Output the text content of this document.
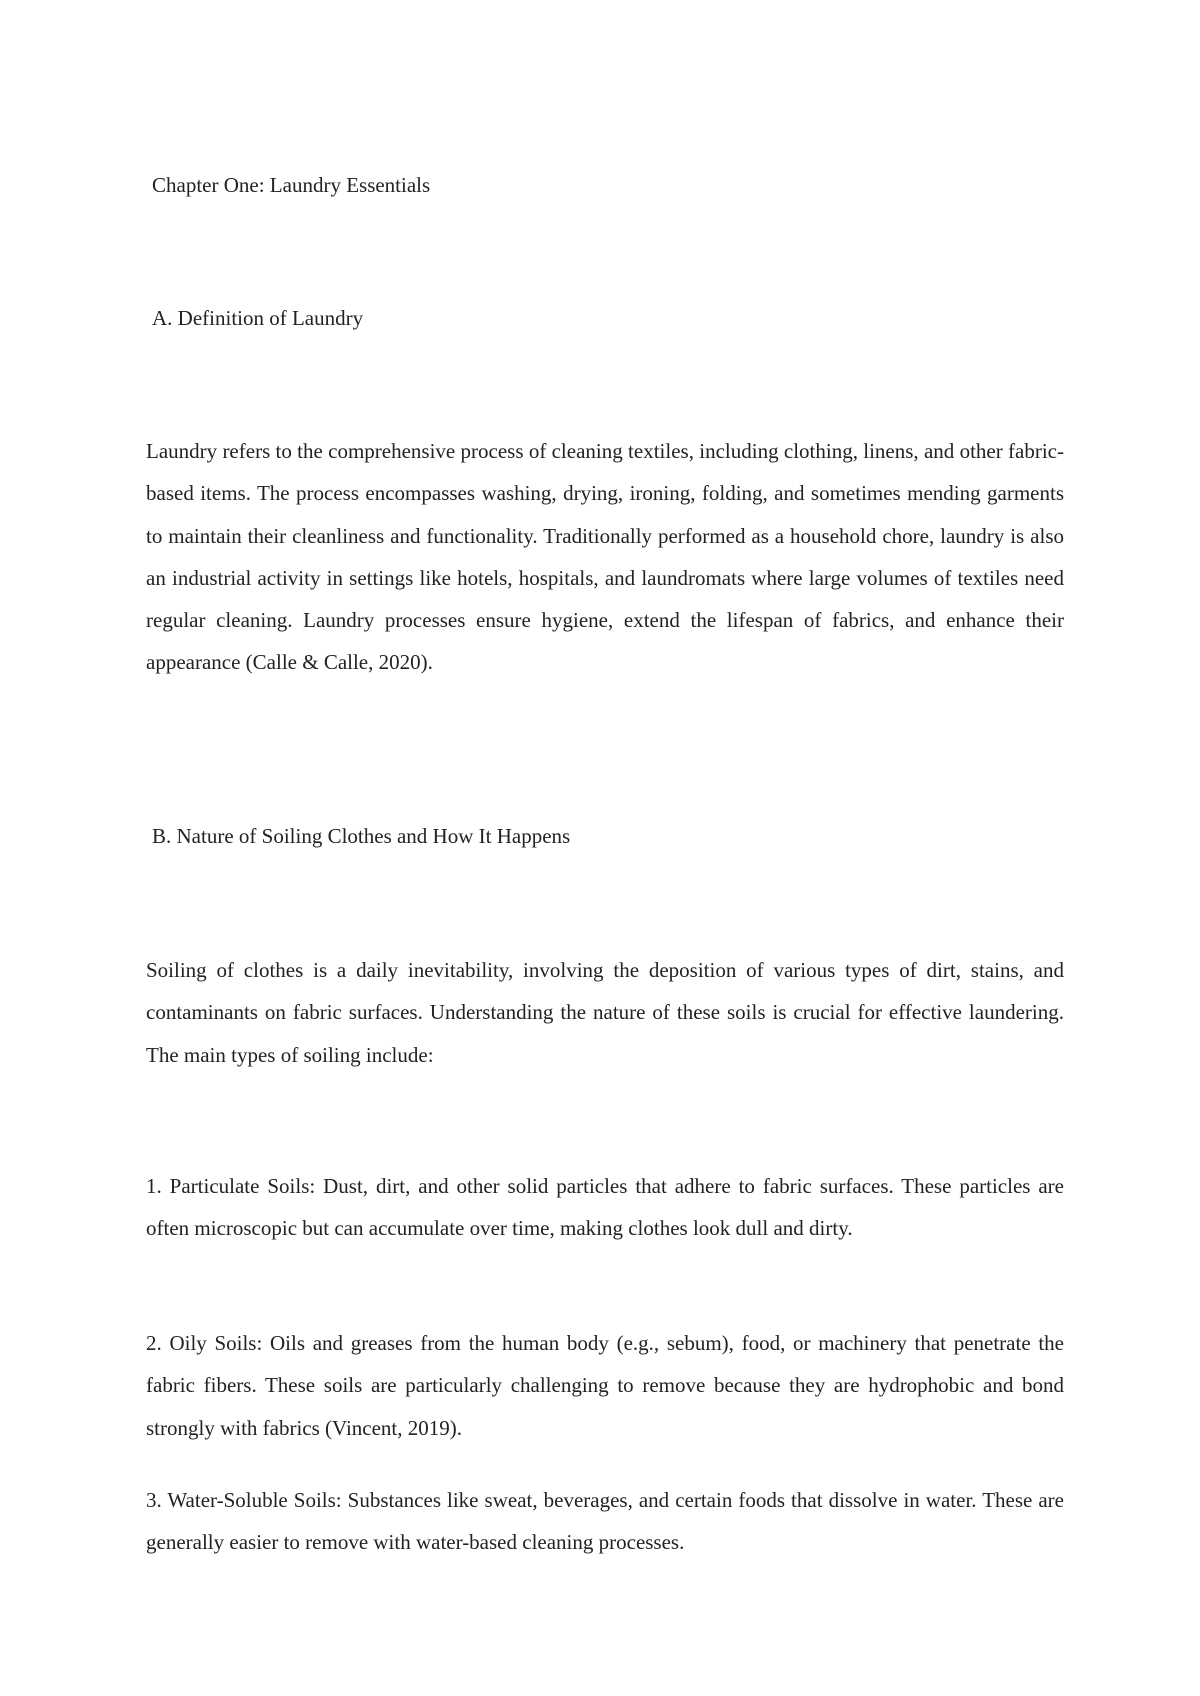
Chapter One: Laundry Essentials
A. Definition of Laundry

Laundry refers to the comprehensive process of cleaning textiles, including clothing, linens, and other fabric-based items. The process encompasses washing, drying, ironing, folding, and sometimes mending garments to maintain their cleanliness and functionality. Traditionally performed as a household chore, laundry is also an industrial activity in settings like hotels, hospitals, and laundromats where large volumes of textiles need regular cleaning. Laundry processes ensure hygiene, extend the lifespan of fabrics, and enhance their appearance (Calle & Calle, 2020).

B. Nature of Soiling Clothes and How It Happens

Soiling of clothes is a daily inevitability, involving the deposition of various types of dirt, stains, and contaminants on fabric surfaces. Understanding the nature of these soils is crucial for effective laundering. The main types of soiling include:

1. Particulate Soils: Dust, dirt, and other solid particles that adhere to fabric surfaces. These particles are often microscopic but can accumulate over time, making clothes look dull and dirty.

2. Oily Soils: Oils and greases from the human body (e.g., sebum), food, or machinery that penetrate the fabric fibers. These soils are particularly challenging to remove because they are hydrophobic and bond strongly with fabrics (Vincent, 2019).

3. Water-Soluble Soils: Substances like sweat, beverages, and certain foods that dissolve in water. These are generally easier to remove with water-based cleaning processes.
